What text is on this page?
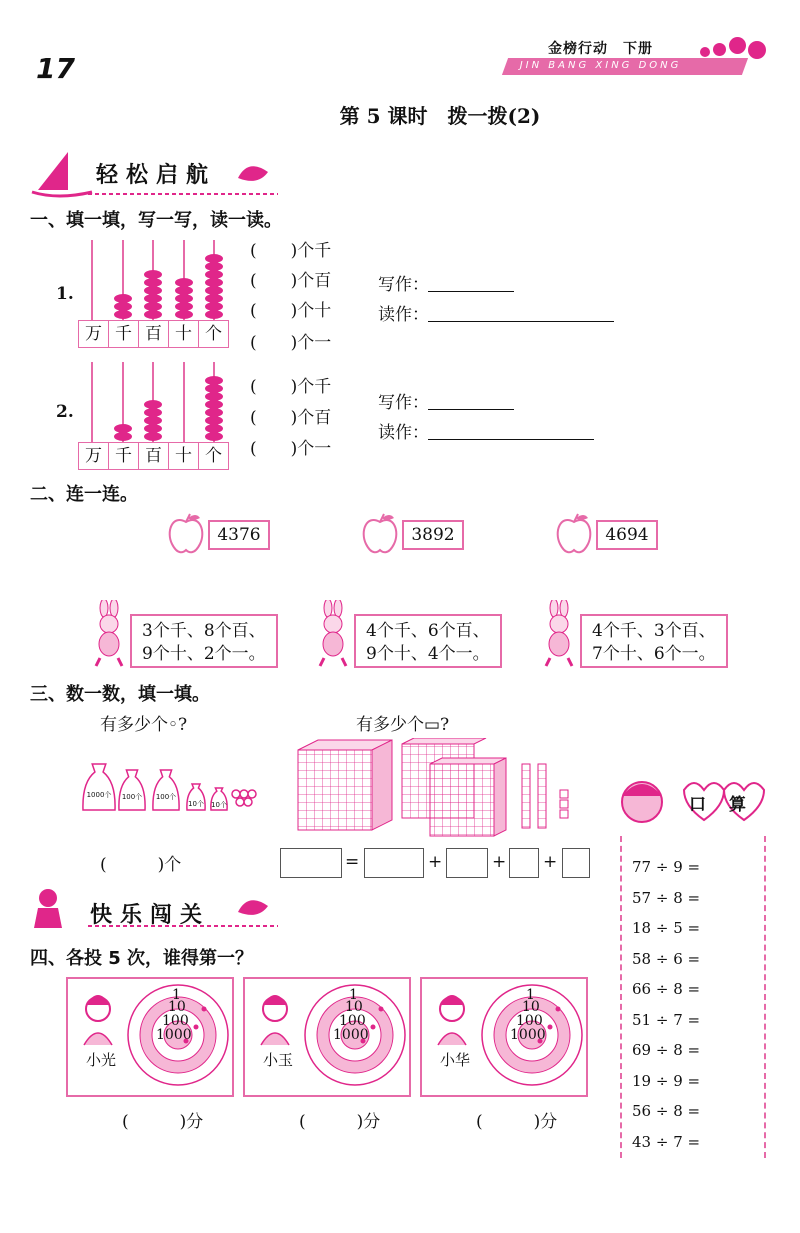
17
金榜行动　下册
JIN BANG XING DONG
第 5 课时　拨一拨(2)
轻松启航
一、填一填，写一写，读一读。
1.
万 千 百 十 个
(　　)个千
(　　)个百
(　　)个十
(　　)个一
写作：
读作：
2.
万 千 百 十 个
(　　)个千
(　　)个百
(　　)个一
写作：
读作：
二、连一连。
三、数一数，填一填。
有多少个◦?	有多少个▭?
(　　　)个	=	+	+ +
快乐闯关
四、各投 5 次，谁得第一？
口 算
4376	3892	4694
3个千、8个百、
9个十、2个一。
4个千、6个百、
9个十、4个一。
4个千、3个百、
7个十、6个一。
1000个	100个	100个
10个 10个
小光
1
10
100
1000
(　　　)分
小玉
1
10
100
1000
(　　　)分
小华
1
10
100
1000
(　　　)分
77 ÷ 9 =
57 ÷ 8 =
18 ÷ 5 =
58 ÷ 6 =
66 ÷ 8 =
51 ÷ 7 =
69 ÷ 8 =
19 ÷ 9 =
56 ÷ 8 =
43 ÷ 7 =
